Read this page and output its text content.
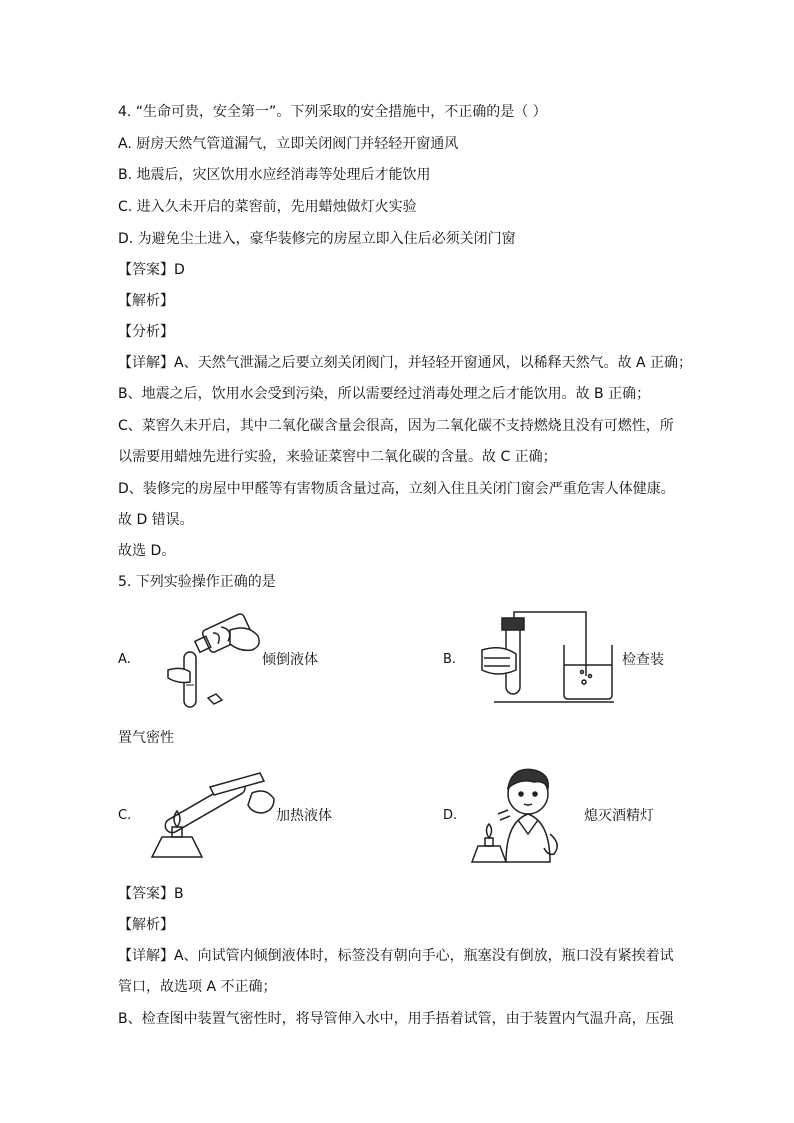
4. “生命可贵，安全第一”。下列采取的安全措施中，不正确的是（ ）
A. 厨房天然气管道漏气，立即关闭阀门并轻轻开窗通风
B. 地震后，灾区饮用水应经消毒等处理后才能饮用
C. 进入久未开启的菜窖前，先用蜡烛做灯火实验
D. 为避免尘土进入，豪华装修完的房屋立即入住后必须关闭门窗
【答案】D
【解析】
【分析】
【详解】A、天然气泄漏之后要立刻关闭阀门，并轻轻开窗通风，以稀释天然气。故 A 正确；
B、地震之后，饮用水会受到污染，所以需要经过消毒处理之后才能饮用。故 B 正确；
C、菜窖久未开启，其中二氧化碳含量会很高，因为二氧化碳不支持燃烧且没有可燃性，所
以需要用蜡烛先进行实验，来验证菜窖中二氧化碳的含量。故 C 正确；
D、装修完的房屋中甲醛等有害物质含量过高，立刻入住且关闭门窗会严重危害人体健康。
故 D 错误。
故选 D。
5. 下列实验操作正确的是
A.	倾倒液体	B.	检查装
置气密性
C.	加热液体	D.	熄灭酒精灯
【答案】B
【解析】
【详解】A、向试管内倾倒液体时，标签没有朝向手心，瓶塞没有倒放，瓶口没有紧挨着试
管口，故选项 A 不正确；
B、检查图中装置气密性时，将导管伸入水中，用手捂着试管，由于装置内气温升高，压强
